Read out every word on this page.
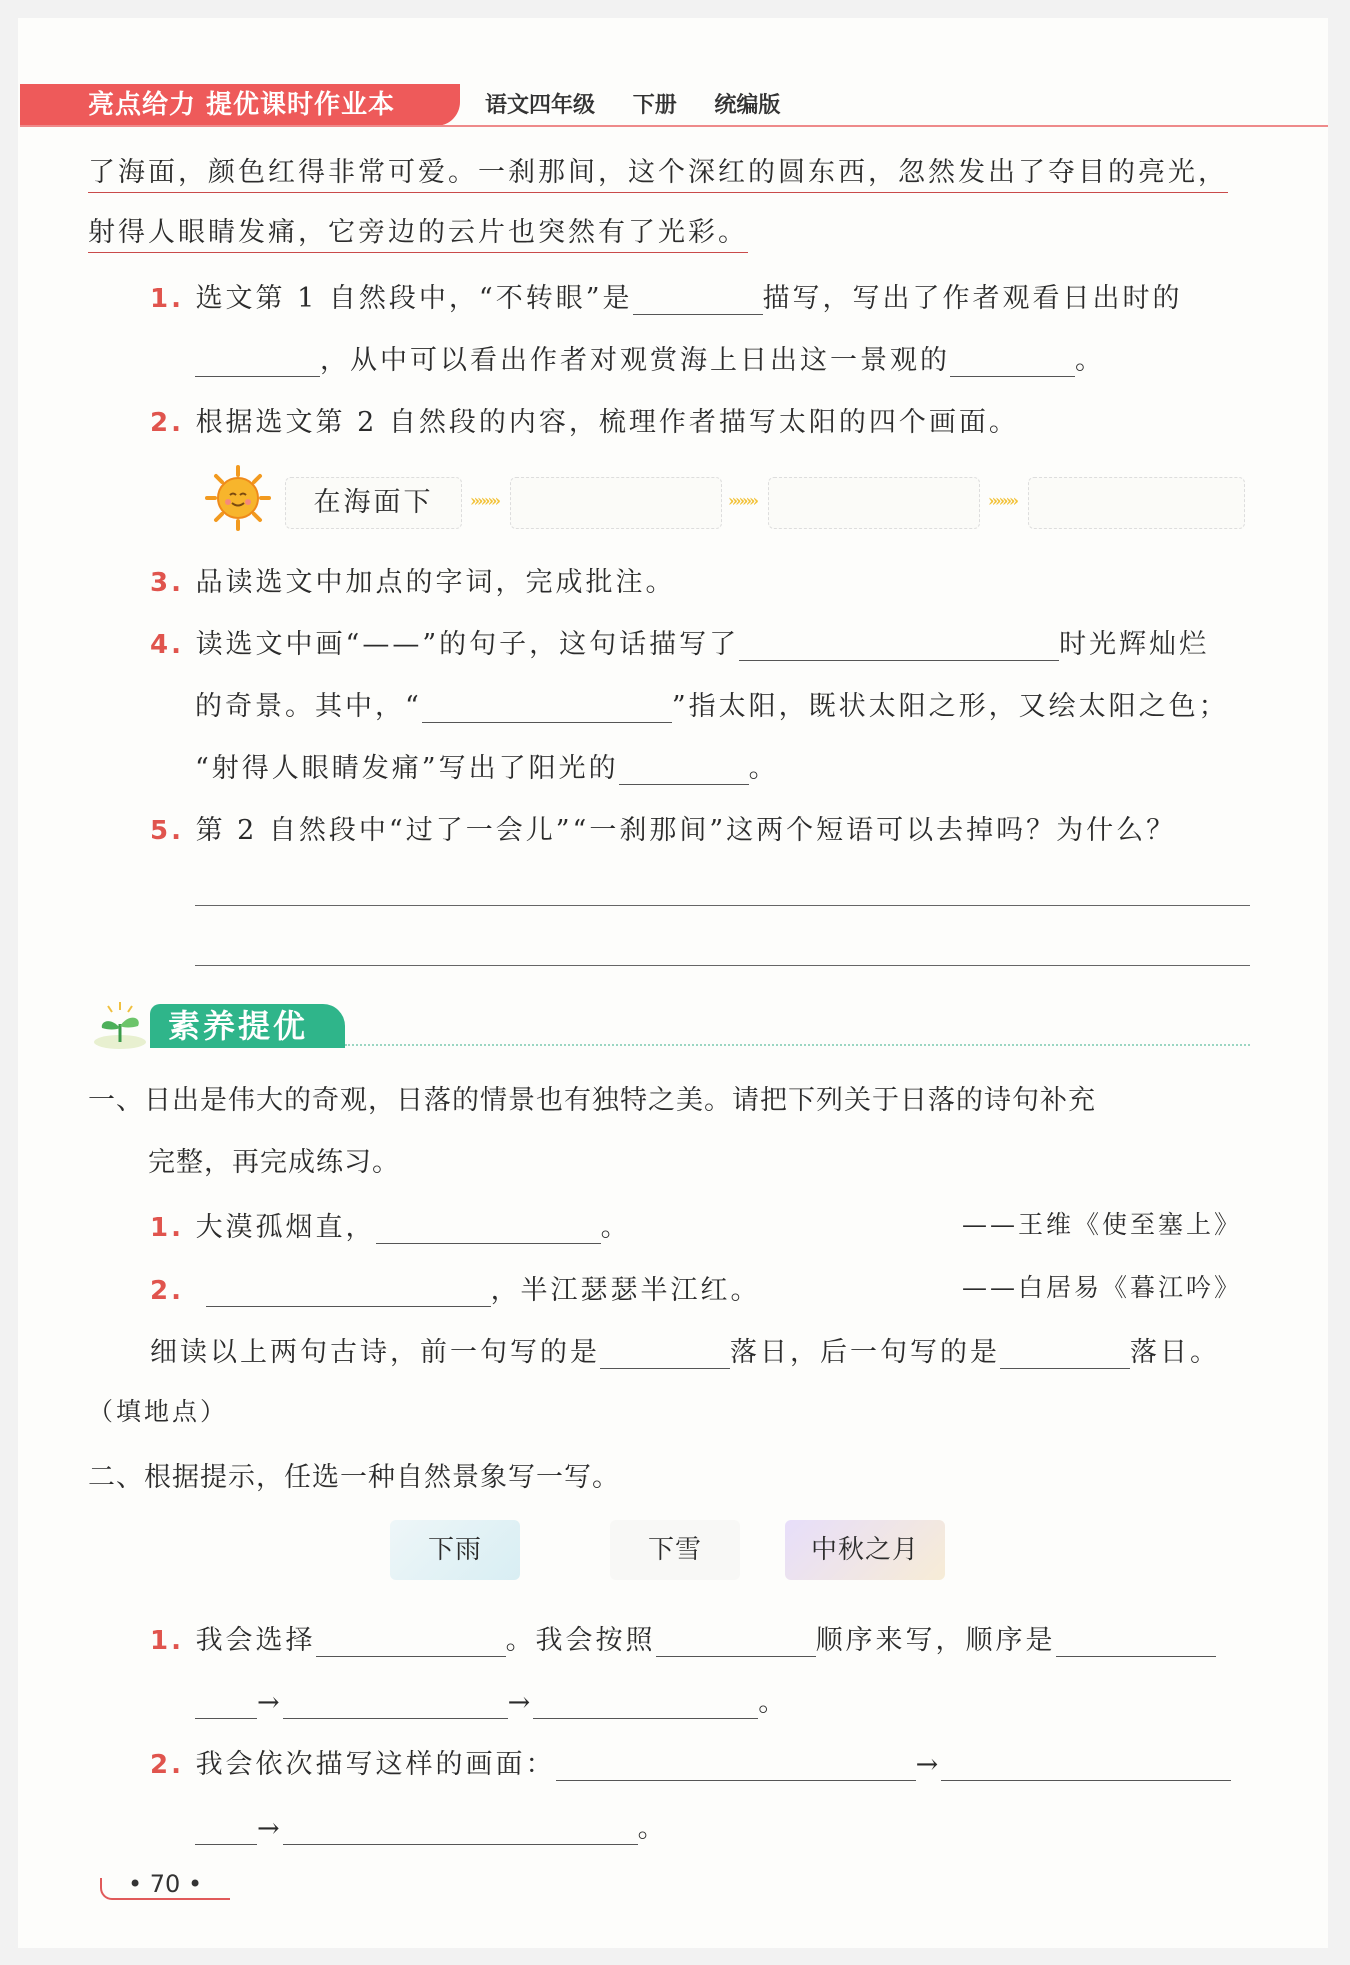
亮点给力 提优课时作业本	语文四年级 下册 统编版
了海面，颜色红得非常可爱。一刹那间，这个深红的圆东西，忽然发出了夺目的亮光，
射得人眼睛发痛，它旁边的云片也突然有了光彩。
1. 选文第 1 自然段中，“不转眼”是	描写，写出了作者观看日出时的
，从中可以看出作者对观赏海上日出这一景观的	。
2. 根据选文第 2 自然段的内容，梳理作者描写太阳的四个画面。
在海面下	»»»»	»»»»	»»»»
3. 品读选文中加点的字词，完成批注。
4. 读选文中画“——”的句子，这句话描写了	时光辉灿烂
的奇景。其中，“	”指太阳，既状太阳之形，又绘太阳之色；
“射得人眼睛发痛”写出了阳光的	。
5. 第 2 自然段中“过了一会儿”“一刹那间”这两个短语可以去掉吗？为什么？
素养提优
一、日出是伟大的奇观，日落的情景也有独特之美。请把下列关于日落的诗句补充
完整，再完成练习。
1. 大漠孤烟直，	。	——王维《使至塞上》
2.	，半江瑟瑟半江红。	——白居易《暮江吟》
细读以上两句古诗，前一句写的是	落日，后一句写的是	落日。
（填地点）
二、根据提示，任选一种自然景象写一写。
下雨	下雪	中秋之月
1. 我会选择	。我会按照	顺序来写，顺序是
→	→	。
2. 我会依次描写这样的画面：	→
→	。
• 70 •
